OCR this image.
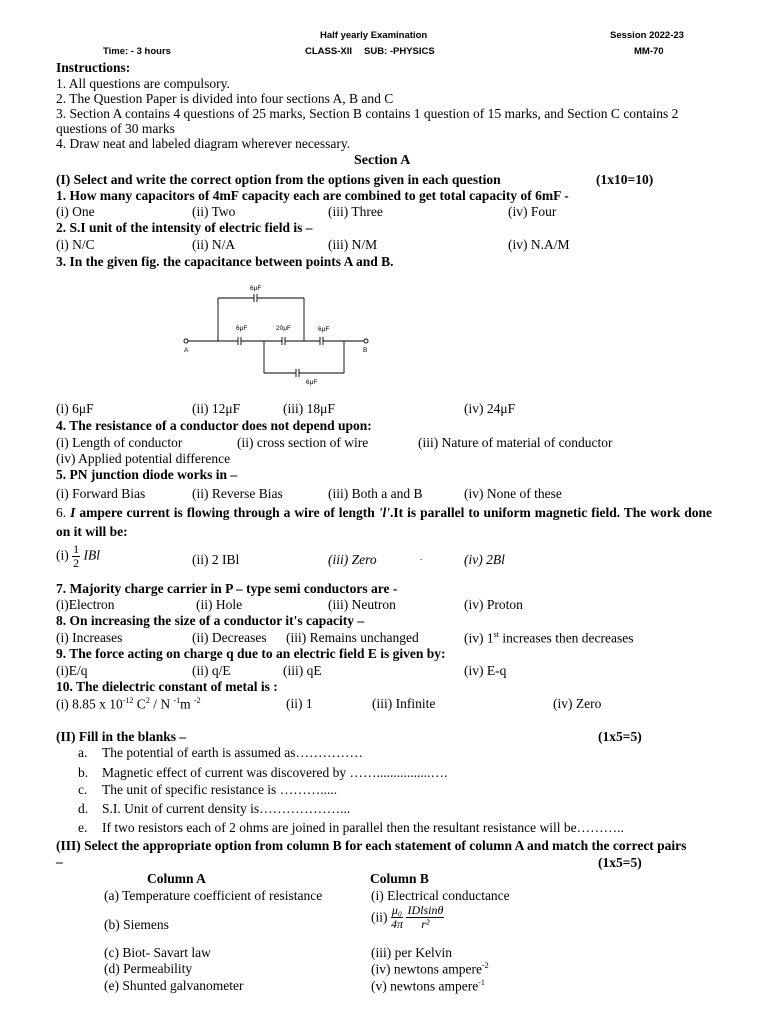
Half yearly Examination	Session 2022-23
Time: - 3 hours	CLASS-XII SUB: -PHYSICS	MM-70
Instructions:
1. All questions are compulsory.
2. The Question Paper is divided into four sections A, B and C
3. Section A contains 4 questions of 25 marks, Section B contains 1 question of 15 marks, and Section C contains 2 questions of 30 marks
4. Draw neat and labeled diagram wherever necessary.
Section A
(I) Select and write the correct option from the options given in each question	(1x10=10)
1. How many capacitors of 4mF capacity each are combined to get total capacity of 6mF -
(i) One	(ii) Two	(iii) Three	(iv) Four
2. S.I unit of the intensity of electric field is –
(i) N/C	(ii) N/A	(iii) N/M	(iv) N.A/M
3. In the given fig. the capacitance between points A and B.
6μF
6μF	20μF	6μF
6μF
A	B
(i) 6μF	(ii) 12μF	(iii) 18μF	(iv) 24μF
4. The resistance of a conductor does not depend upon:
(i) Length of conductor	(ii) cross section of wire	(iii) Nature of material of conductor
(iv) Applied potential difference
5. PN junction diode works in –
(i) Forward Bias	(ii) Reverse Bias	(iii) Both a and B	(iv) None of these
6. I ampere current is flowing through a wire of length 'l'.It is parallel to uniform magnetic field. The work done on it will be:
$(i) \frac{1}{2}$ IBl	(ii) 2 IBl	(iii) Zero	.	(iv) 2Bl
7. Majority charge carrier in P – type semi conductors are -
(i)Electron	(ii) Hole	(iii) Neutron	(iv) Proton
8. On increasing the size of a conductor it's capacity –
(i) Increases	(ii) Decreases (iii) Remains unchanged	(iv) 1st increases then decreases
9. The force acting on charge q due to an electric field E is given by:
(i)E/q	(ii) q/E	(iii) qE	(iv) E-q
10. The dielectric constant of metal is :
(i) 8.85 x $10^{-12}$ $C^2$ / N $^{-1}$m $^{-2}$	(ii) 1	(iii) Infinite	(iv) Zero
(II) Fill in the blanks –	(1x5=5)
a. The potential of earth is assumed as……………
b. Magnetic effect of current was discovered by ……................….
c. The unit of specific resistance is ……….....
d. S.I. Unit of current density is………………...
e. If two resistors each of 2 ohms are joined in parallel then the resultant resistance will be………..
(III) Select the appropriate option from column B for each statement of column A and match the correct pairs
–	(1x5=5)
Column A	Column B
(a) Temperature coefficient of resistance	(i) Electrical conductance
(b) Siemens	$(ii) \frac{\text{μ₀}}{4\pi}$
$\frac{\text{IDlsinθ}}{\text{r²}}$
(c) Biot- Savart law	(iii) per Kelvin
(d) Permeability	(iv) newtons ampere$^{-2}$
(e) Shunted galvanometer	(v) newtons ampere$^{-1}$
